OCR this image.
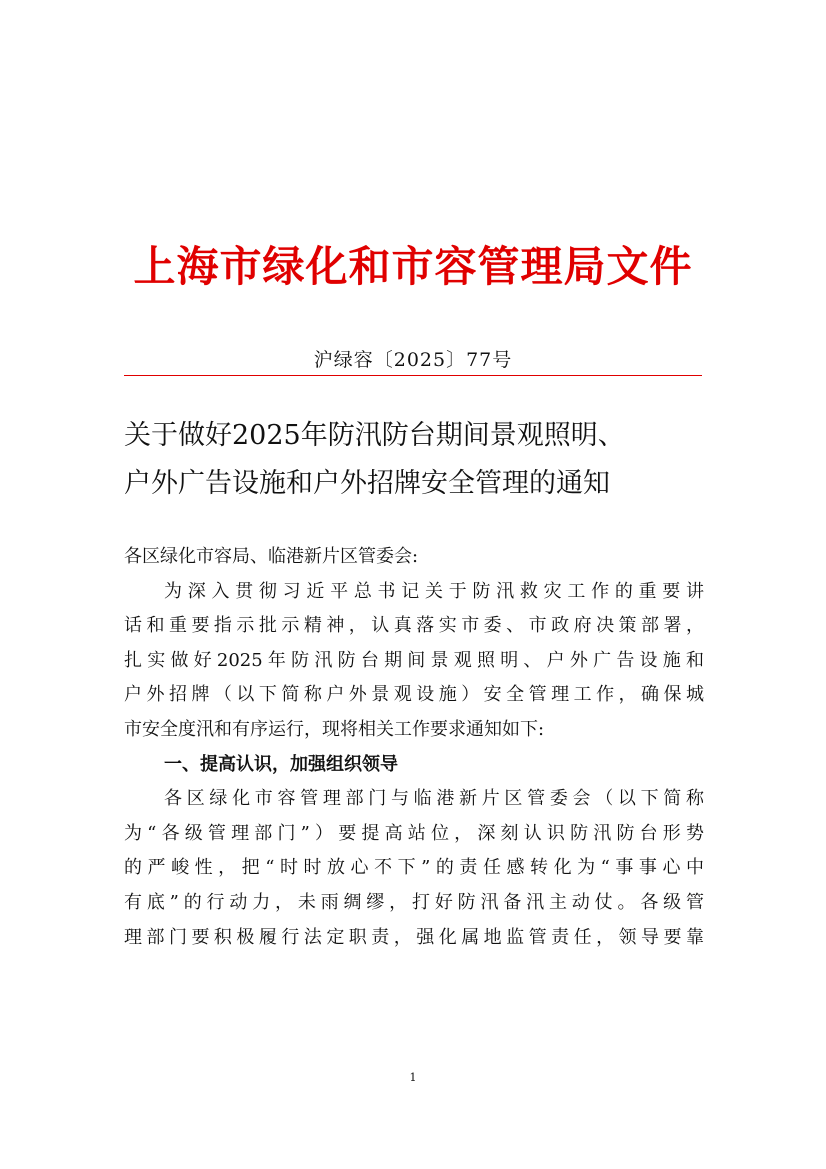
上海市绿化和市容管理局文件
沪绿容〔2025〕77号
关于做好2025年防汛防台期间景观照明、
户外广告设施和户外招牌安全管理的通知
各区绿化市容局、临港新片区管委会:
为深入贯彻习近平总书记关于防汛救灾工作的重要讲
话和重要指示批示精神，认真落实市委、市政府决策部署，
扎实做好2025年防汛防台期间景观照明、户外广告设施和
户外招牌（以下简称户外景观设施）安全管理工作，确保城
市安全度汛和有序运行，现将相关工作要求通知如下:
一、提高认识，加强组织领导
各区绿化市容管理部门与临港新片区管委会（以下简称
为“各级管理部门”）要提高站位，深刻认识防汛防台形势
的严峻性，把“时时放心不下”的责任感转化为“事事心中
有底”的行动力，未雨绸缪，打好防汛备汛主动仗。各级管
理部门要积极履行法定职责，强化属地监管责任，领导要靠
1
